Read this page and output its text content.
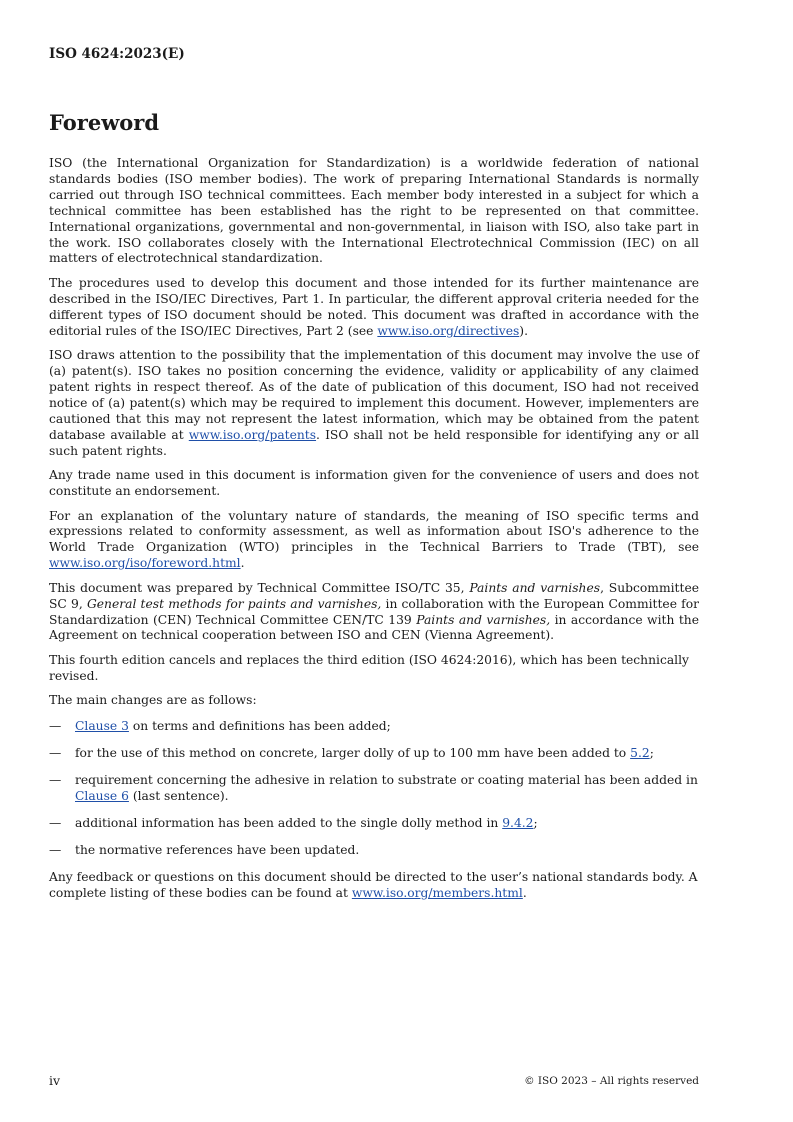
ISO 4624:2023(E)
Foreword

ISO (the International Organization for Standardization) is a worldwide federation of national standards bodies (ISO member bodies). The work of preparing International Standards is normally carried out through ISO technical committees. Each member body interested in a subject for which a technical committee has been established has the right to be represented on that committee. International organizations, governmental and non-governmental, in liaison with ISO, also take part in the work. ISO collaborates closely with the International Electrotechnical Commission (IEC) on all matters of electrotechnical standardization.

The procedures used to develop this document and those intended for its further maintenance are described in the ISO/IEC Directives, Part 1. In particular, the different approval criteria needed for the different types of ISO document should be noted. This document was drafted in accordance with the editorial rules of the ISO/IEC Directives, Part 2 (see www.iso.org/directives).

ISO draws attention to the possibility that the implementation of this document may involve the use of (a) patent(s). ISO takes no position concerning the evidence, validity or applicability of any claimed patent rights in respect thereof. As of the date of publication of this document, ISO had not received notice of (a) patent(s) which may be required to implement this document. However, implementers are cautioned that this may not represent the latest information, which may be obtained from the patent database available at www.iso.org/patents. ISO shall not be held responsible for identifying any or all such patent rights.

Any trade name used in this document is information given for the convenience of users and does not constitute an endorsement.

For an explanation of the voluntary nature of standards, the meaning of ISO specific terms and expressions related to conformity assessment, as well as information about ISO's adherence to the World Trade Organization (WTO) principles in the Technical Barriers to Trade (TBT), see www.iso.org/iso/foreword.html.

This document was prepared by Technical Committee ISO/TC 35, Paints and varnishes, Subcommittee SC 9, General test methods for paints and varnishes, in collaboration with the European Committee for Standardization (CEN) Technical Committee CEN/TC 139 Paints and varnishes, in accordance with the Agreement on technical cooperation between ISO and CEN (Vienna Agreement).

This fourth edition cancels and replaces the third edition (ISO 4624:2016), which has been technically revised.

The main changes are as follows:

—	Clause 3 on terms and definitions has been added;
—	for the use of this method on concrete, larger dolly of up to 100 mm have been added to 5.2;
—	requirement concerning the adhesive in relation to substrate or coating material has been added in Clause 6 (last sentence).
—	additional information has been added to the single dolly method in 9.4.2;
—	the normative references have been updated.

Any feedback or questions on this document should be directed to the user’s national standards body. A complete listing of these bodies can be found at www.iso.org/members.html.

iv	© ISO 2023 – All rights reserved
